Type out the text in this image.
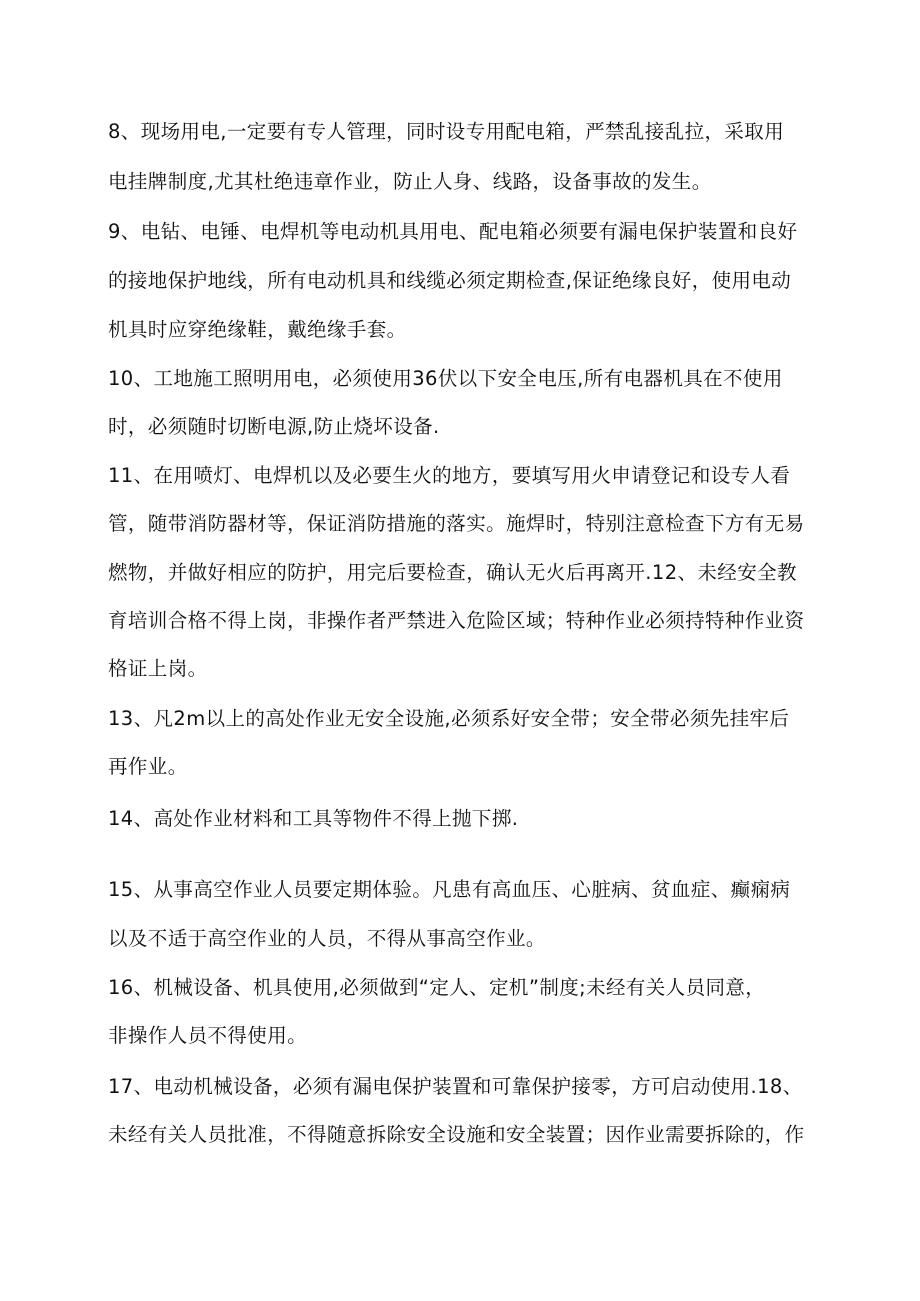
8、现场用电,一定要有专人管理，同时设专用配电箱，严禁乱接乱拉，采取用
电挂牌制度,尤其杜绝违章作业，防止人身、线路，设备事故的发生。
9、电钻、电锤、电焊机等电动机具用电、配电箱必须要有漏电保护装置和良好
的接地保护地线，所有电动机具和线缆必须定期检查,保证绝缘良好，使用电动
机具时应穿绝缘鞋，戴绝缘手套。
10、工地施工照明用电，必须使用36伏以下安全电压,所有电器机具在不使用
时，必须随时切断电源,防止烧坏设备.
11、在用喷灯、电焊机以及必要生火的地方，要填写用火申请登记和设专人看
管，随带消防器材等，保证消防措施的落实。施焊时，特别注意检查下方有无易
燃物，并做好相应的防护，用完后要检查，确认无火后再离开.12、未经安全教
育培训合格不得上岗，非操作者严禁进入危险区域；特种作业必须持特种作业资
格证上岗。
13、凡2m以上的高处作业无安全设施,必须系好安全带；安全带必须先挂牢后
再作业。
14、高处作业材料和工具等物件不得上抛下掷.
15、从事高空作业人员要定期体验。凡患有高血压、心脏病、贫血症、癫痫病
以及不适于高空作业的人员，不得从事高空作业。
16、机械设备、机具使用,必须做到“定人、定机”制度;未经有关人员同意，
非操作人员不得使用。
17、电动机械设备，必须有漏电保护装置和可靠保护接零，方可启动使用.18、
未经有关人员批准，不得随意拆除安全设施和安全装置；因作业需要拆除的，作
